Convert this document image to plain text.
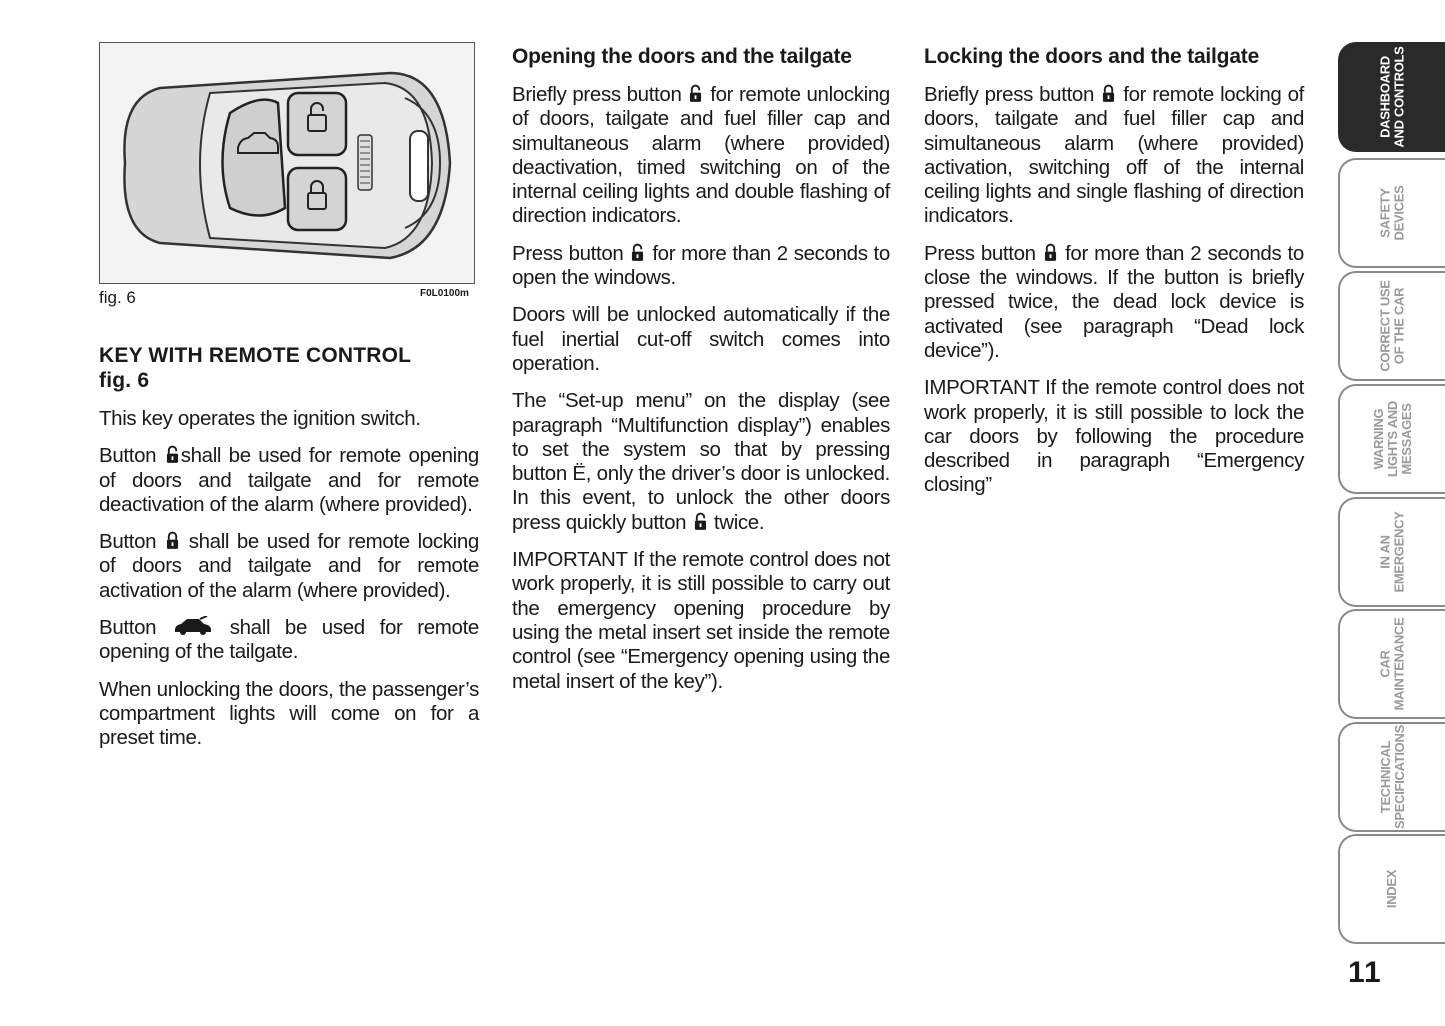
fig. 6	F0L0100m
KEY WITH REMOTE CONTROL
fig. 6

This key operates the ignition switch.

Button shall be used for remote opening of doors and tailgate and for remote deactivation of the alarm (where provided).

Button  shall be used for remote locking of doors and tailgate and for remote activation of the alarm (where provided).

Button	shall be used for remote opening of the tailgate.

When unlocking the doors, the passenger’s compartment lights will come on for a preset time.

Opening the doors and the tailgate

Briefly press button for remote unlocking of doors, tailgate and fuel filler cap and simultaneous alarm (where provided) deactivation, timed switching on of the internal ceiling lights and double flashing of direction indicators.

Press button for more than 2 seconds to open the windows.

Doors will be unlocked automatically if the fuel inertial cut-off switch comes into operation.

The “Set-up menu” on the display (see paragraph “Multifunction display”) enables to set the system so that by pressing button Ë, only the driver’s door is unlocked. In this event, to unlock the other doors press quickly button twice.

IMPORTANT If the remote control does not work properly, it is still possible to carry out the emergency opening procedure by using the metal insert set inside the remote control (see “Emergency opening using the metal insert of the key”).

Locking the doors and the tailgate

Briefly press button for remote locking of doors, tailgate and fuel filler cap and simultaneous alarm (where provided) activation, switching off of the internal ceiling lights and single flashing of direction indicators.

Press button for more than 2 seconds to close the windows. If the button is briefly pressed twice, the dead lock device is activated (see paragraph “Dead lock device”).

IMPORTANT If the remote control does not work properly, it is still possible to lock the car doors by following the procedure described in paragraph “Emergency closing”

DASHBOARD
AND CONTROLS
SAFETY
DEVICES
CORRECT USE
OF THE CAR
WARNING
LIGHTS AND
MESSAGES
IN AN
EMERGENCY
CAR
MAINTENANCE
TECHNICAL
SPECIFICATIONS
INDEX
11
